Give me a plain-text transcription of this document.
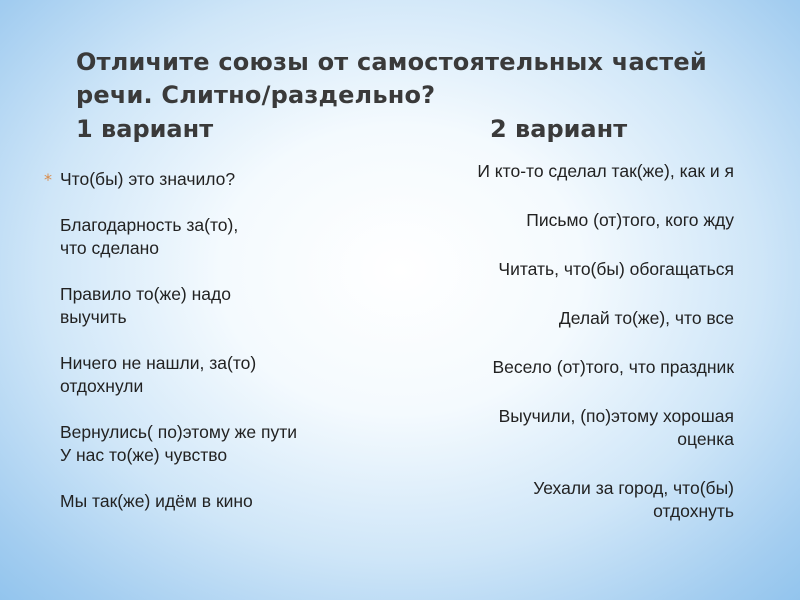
Отличите союзы от самостоятельных частей
речи. Слитно/раздельно?
1 вариант	2 вариант
* Что(бы) это значило?
Благодарность за(то),
что сделано
Правило то(же) надо
выучить
Ничего не нашли, за(то)
отдохнули
Вернулись( по)этому же пути
У нас то(же) чувство
Мы так(же) идём в кино
И кто-то сделал так(же), как и я
Письмо (от)того, кого жду
Читать, что(бы) обогащаться
Делай то(же), что все
Весело (от)того, что праздник
Выучили, (по)этому хорошая
оценка
Уехали за город, что(бы)
отдохнуть
